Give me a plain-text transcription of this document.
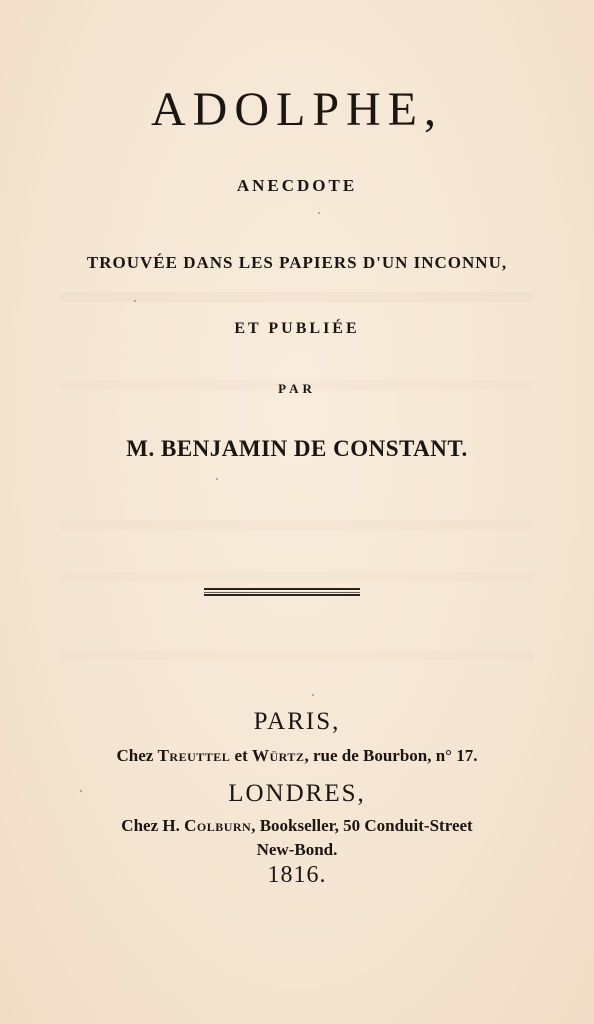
ADOLPHE,
ANECDOTE
TROUVÉE DANS LES PAPIERS D'UN INCONNU,
ET PUBLIÉE
PAR
M. BENJAMIN DE CONSTANT.
PARIS,
Chez Treuttel et Würtz, rue de Bourbon, n° 17.
LONDRES,
Chez H. Colburn, Bookseller, 50 Conduit-Street
New-Bond.
1816.
